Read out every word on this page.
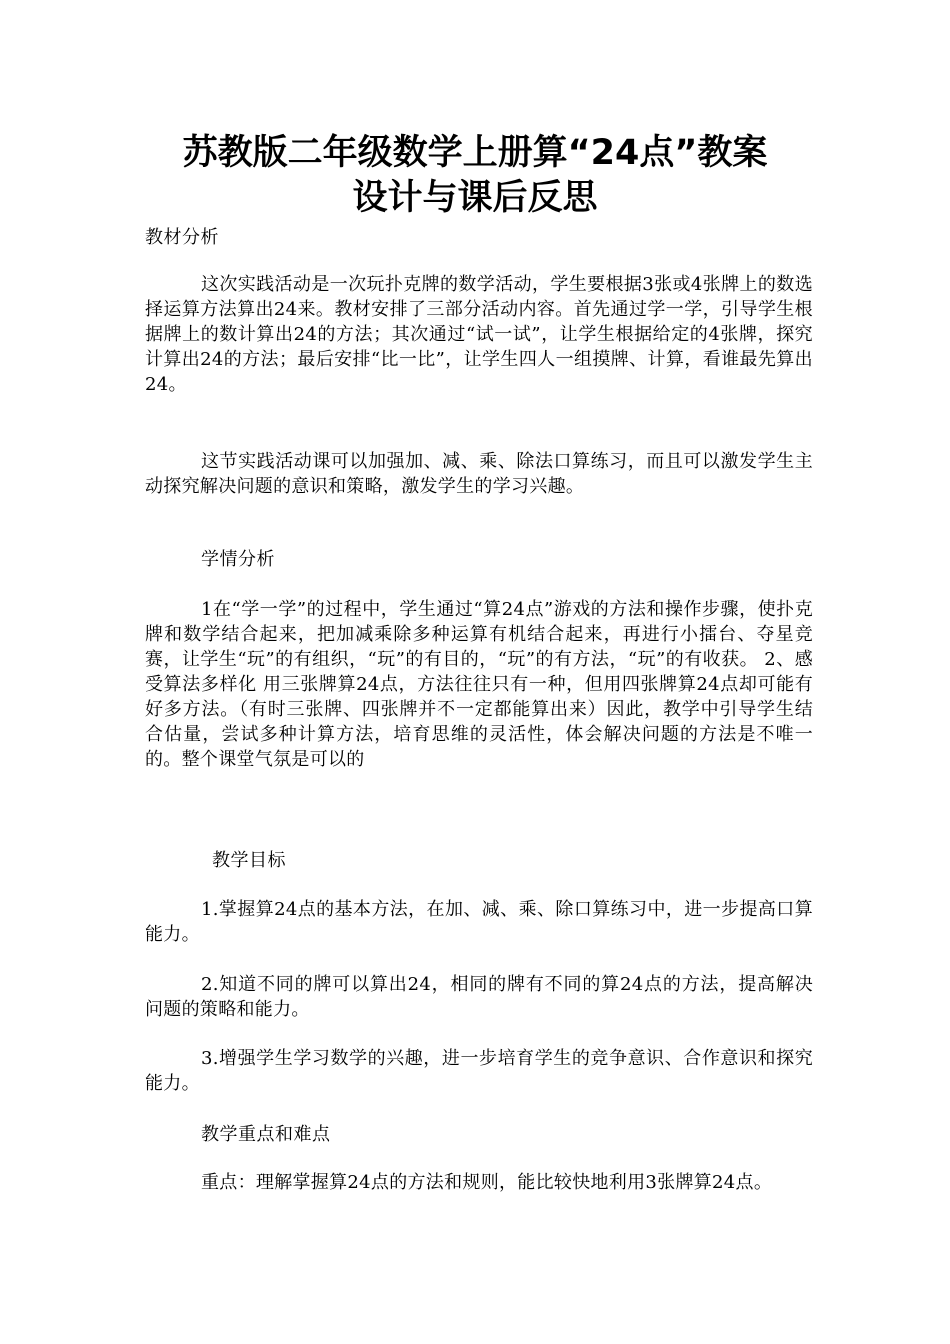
苏教版二年级数学上册算“24点”教案
设计与课后反思
教材分析
这次实践活动是一次玩扑克牌的数学活动，学生要根据3张或4张牌上的数选择运算方法算出24来。教材安排了三部分活动内容。首先通过学一学，引导学生根据牌上的数计算出24的方法；其次通过“试一试”，让学生根据给定的4张牌，探究计算出24的方法；最后安排“比一比”，让学生四人一组摸牌、计算，看谁最先算出24。
这节实践活动课可以加强加、减、乘、除法口算练习，而且可以激发学生主动探究解决问题的意识和策略，激发学生的学习兴趣。
学情分析
1在“学一学”的过程中，学生通过“算24点”游戏的方法和操作步骤，使扑克牌和数学结合起来，把加减乘除多种运算有机结合起来，再进行小擂台、夺星竞赛，让学生“玩”的有组织，“玩”的有目的，“玩”的有方法，“玩”的有收获。 2、感受算法多样化 用三张牌算24点，方法往往只有一种，但用四张牌算24点却可能有好多方法。（有时三张牌、四张牌并不一定都能算出来）因此，教学中引导学生结合估量，尝试多种计算方法，培育思维的灵活性，体会解决问题的方法是不唯一的。整个课堂气氛是可以的
教学目标
1.掌握算24点的基本方法，在加、减、乘、除口算练习中，进一步提高口算能力。
2.知道不同的牌可以算出24，相同的牌有不同的算24点的方法，提高解决问题的策略和能力。
3.增强学生学习数学的兴趣，进一步培育学生的竞争意识、合作意识和探究能力。
教学重点和难点
重点：理解掌握算24点的方法和规则，能比较快地利用3张牌算24点。
